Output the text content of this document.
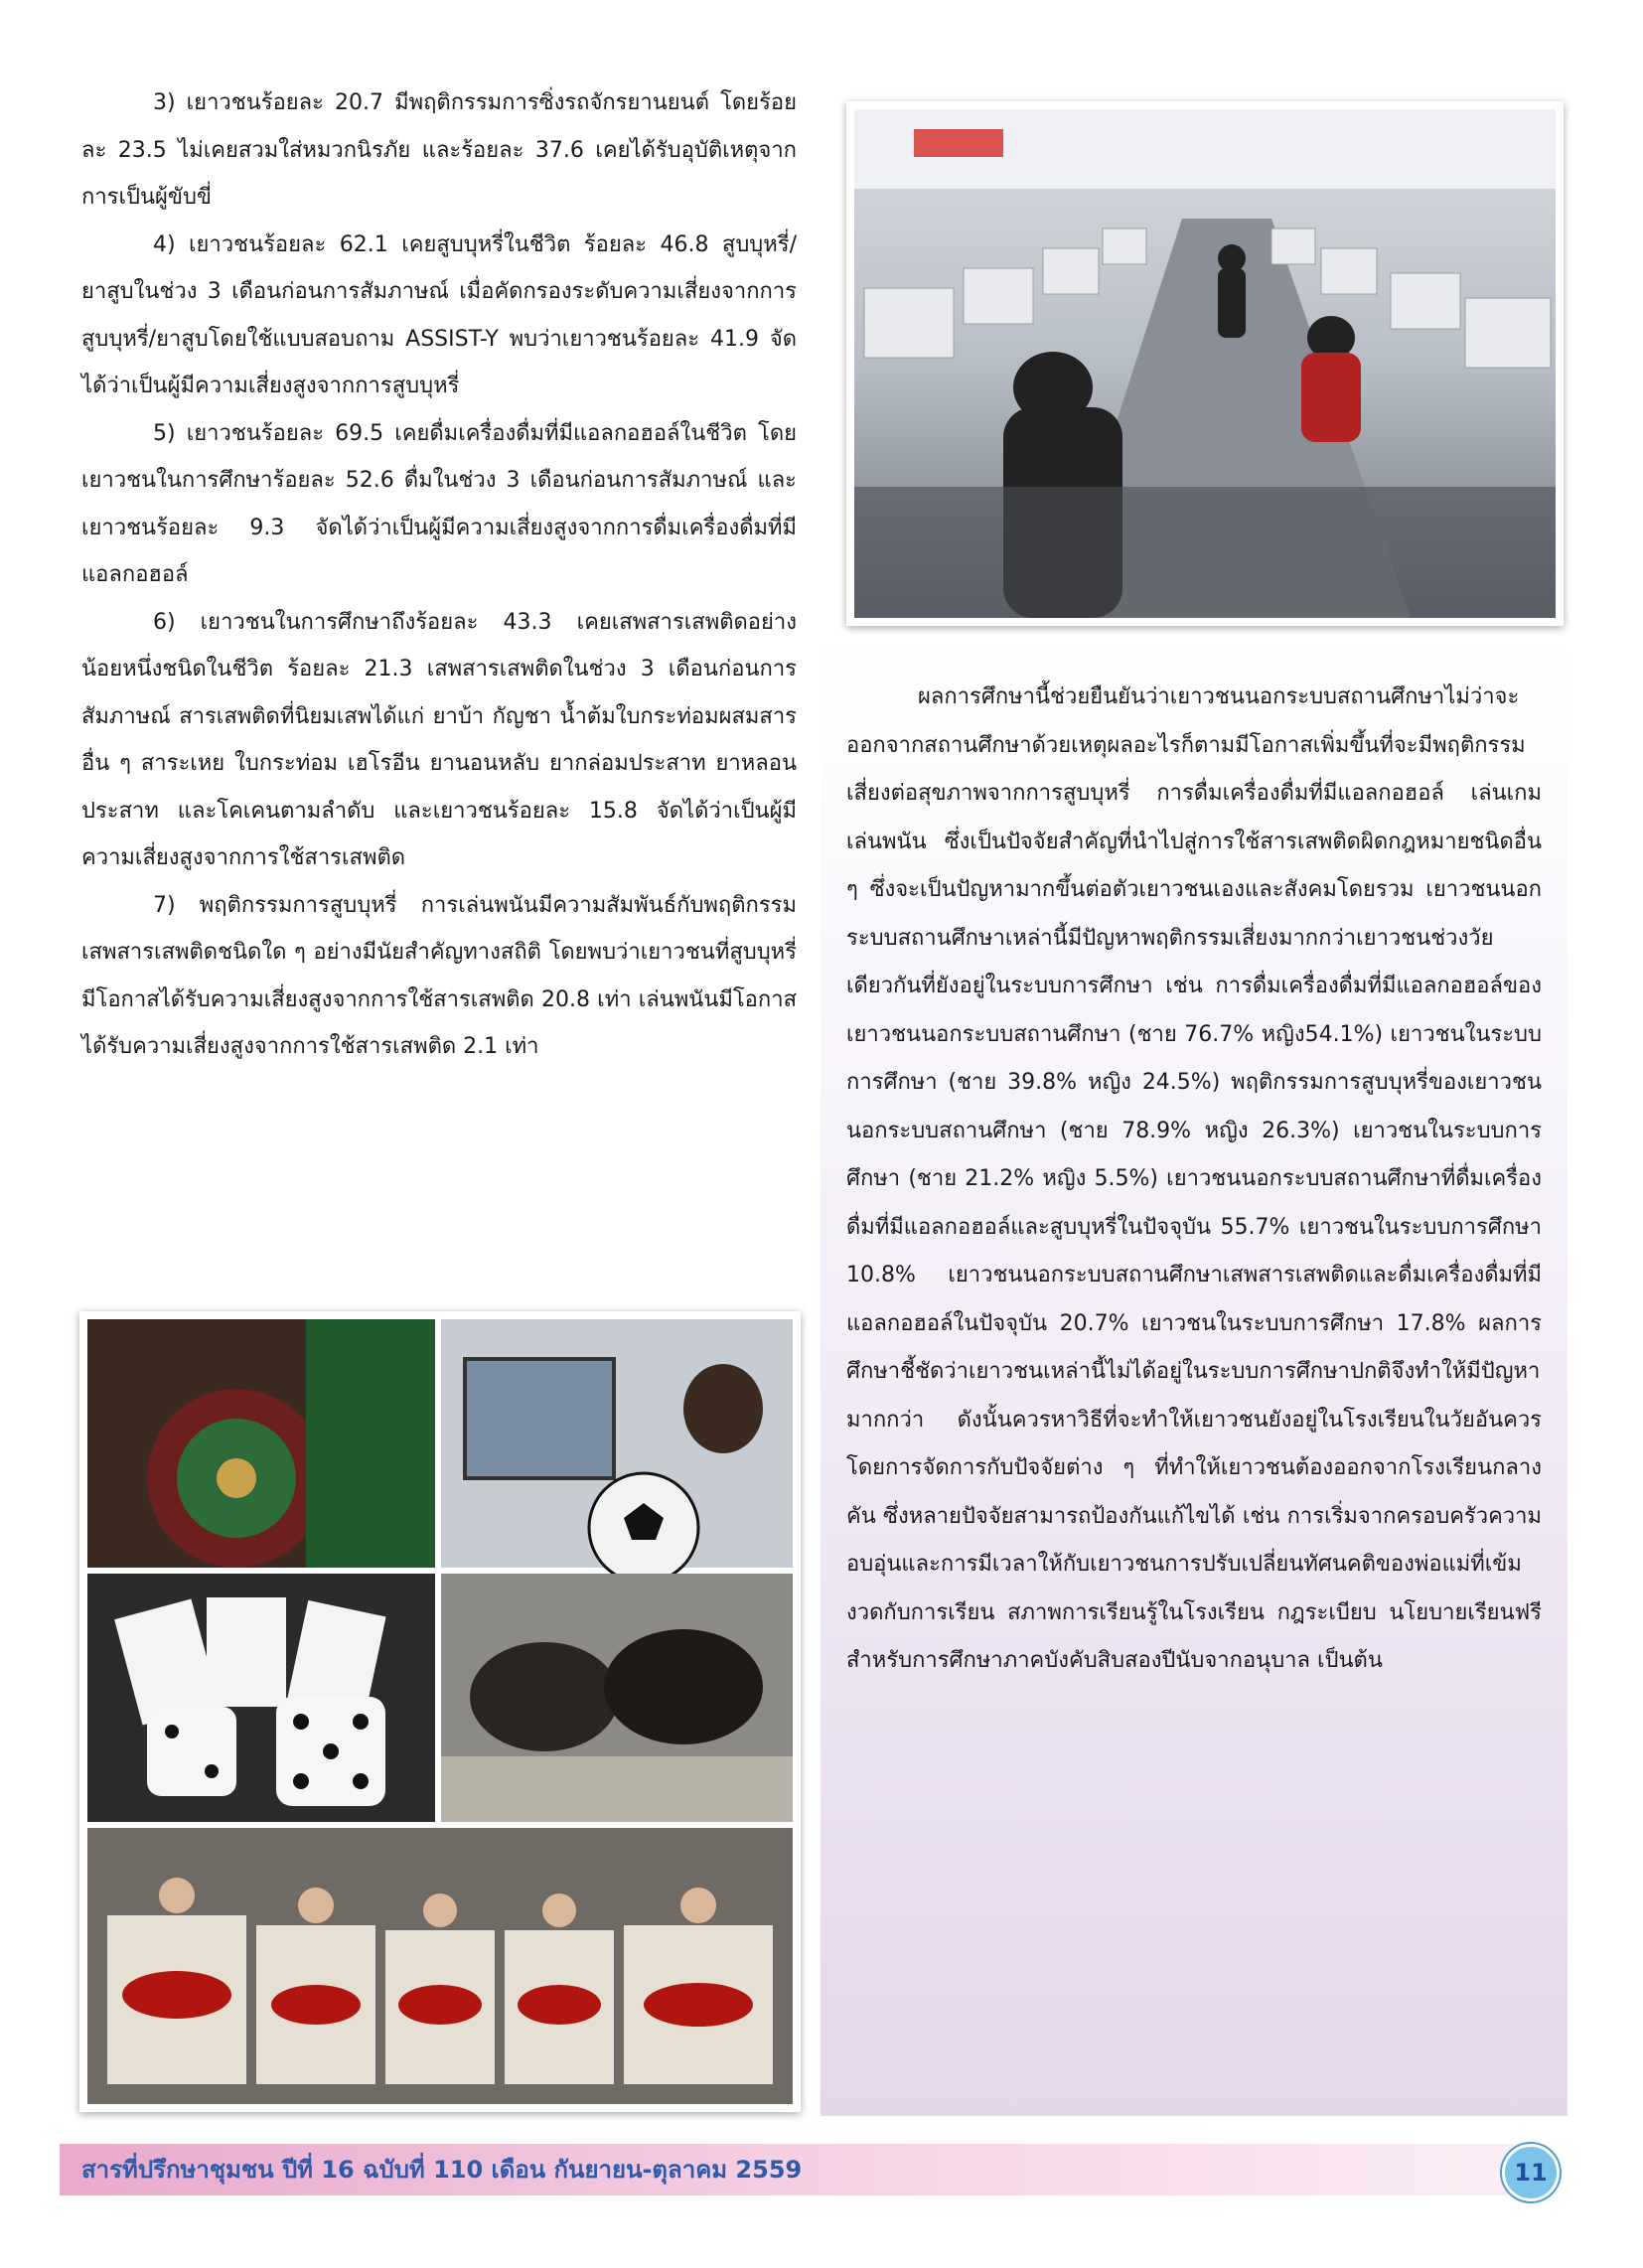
3) เยาวชนร้อยละ 20.7 มีพฤติกรรมการซิ่งรถจักรยานยนต์ โดยร้อยละ 23.5 ไม่เคยสวมใส่หมวกนิรภัย และร้อยละ 37.6 เคยได้รับอุบัติเหตุจากการเป็นผู้ขับขี่

4) เยาวชนร้อยละ 62.1 เคยสูบบุหรี่ในชีวิต ร้อยละ 46.8 สูบบุหรี่/ยาสูบในช่วง 3 เดือนก่อนการสัมภาษณ์ เมื่อคัดกรองระดับความเสี่ยงจากการสูบบุหรี่/ยาสูบโดยใช้แบบสอบถาม ASSIST-Y พบว่าเยาวชนร้อยละ 41.9 จัดได้ว่าเป็นผู้มีความเสี่ยงสูงจากการสูบบุหรี่

5) เยาวชนร้อยละ 69.5 เคยดื่มเครื่องดื่มที่มีแอลกอฮอล์ในชีวิต โดยเยาวชนในการศึกษาร้อยละ 52.6 ดื่มในช่วง 3 เดือนก่อนการสัมภาษณ์ และเยาวชนร้อยละ 9.3 จัดได้ว่าเป็นผู้มีความเสี่ยงสูงจากการดื่มเครื่องดื่มที่มีแอลกอฮอล์

6) เยาวชนในการศึกษาถึงร้อยละ 43.3 เคยเสพสารเสพติดอย่างน้อยหนึ่งชนิดในชีวิต ร้อยละ 21.3 เสพสารเสพติดในช่วง 3 เดือนก่อนการสัมภาษณ์ สารเสพติดที่นิยมเสพได้แก่ ยาบ้า กัญชา น้ำต้มใบกระท่อมผสมสารอื่น ๆ สาระเหย ใบกระท่อม เฮโรอีน ยานอนหลับ ยากล่อมประสาท ยาหลอนประสาท และโคเคนตามลำดับ และเยาวชนร้อยละ 15.8 จัดได้ว่าเป็นผู้มีความเสี่ยงสูงจากการใช้สารเสพติด

7) พฤติกรรมการสูบบุหรี่ การเล่นพนันมีความสัมพันธ์กับพฤติกรรมเสพสารเสพติดชนิดใด ๆ อย่างมีนัยสำคัญทางสถิติ โดยพบว่าเยาวชนที่สูบบุหรี่มีโอกาสได้รับความเสี่ยงสูงจากการใช้สารเสพติด 20.8 เท่า เล่นพนันมีโอกาสได้รับความเสี่ยงสูงจากการใช้สารเสพติด 2.1 เท่า

ผลการศึกษานี้ช่วยยืนยันว่าเยาวชนนอกระบบสถานศึกษาไม่ว่าจะออกจากสถานศึกษาด้วยเหตุผลอะไรก็ตามมีโอกาสเพิ่มขึ้นที่จะมีพฤติกรรมเสี่ยงต่อสุขภาพจากการสูบบุหรี่ การดื่มเครื่องดื่มที่มีแอลกอฮอล์ เล่นเกม เล่นพนัน ซึ่งเป็นปัจจัยสำคัญที่นำไปสู่การใช้สารเสพติดผิดกฎหมายชนิดอื่น ๆ ซึ่งจะเป็นปัญหามากขึ้นต่อตัวเยาวชนเองและสังคมโดยรวม เยาวชนนอกระบบสถานศึกษาเหล่านี้มีปัญหาพฤติกรรมเสี่ยงมากกว่าเยาวชนช่วงวัยเดียวกันที่ยังอยู่ในระบบการศึกษา เช่น การดื่มเครื่องดื่มที่มีแอลกอฮอล์ของเยาวชนนอกระบบสถานศึกษา (ชาย 76.7% หญิง54.1%) เยาวชนในระบบการศึกษา (ชาย 39.8% หญิง 24.5%) พฤติกรรมการสูบบุหรี่ของเยาวชนนอกระบบสถานศึกษา (ชาย 78.9% หญิง 26.3%) เยาวชนในระบบการศึกษา (ชาย 21.2% หญิง 5.5%) เยาวชนนอกระบบสถานศึกษาที่ดื่มเครื่องดื่มที่มีแอลกอฮอล์และสูบบุหรี่ในปัจจุบัน 55.7% เยาวชนในระบบการศึกษา 10.8% เยาวชนนอกระบบสถานศึกษาเสพสารเสพติดและดื่มเครื่องดื่มที่มีแอลกอฮอล์ในปัจจุบัน 20.7% เยาวชนในระบบการศึกษา 17.8% ผลการศึกษาชี้ชัดว่าเยาวชนเหล่านี้ไม่ได้อยู่ในระบบการศึกษาปกติจึงทำให้มีปัญหามากกว่า ดังนั้นควรหาวิธีที่จะทำให้เยาวชนยังอยู่ในโรงเรียนในวัยอันควร โดยการจัดการกับปัจจัยต่าง ๆ ที่ทำให้เยาวชนต้องออกจากโรงเรียนกลางคัน ซึ่งหลายปัจจัยสามารถป้องกันแก้ไขได้ เช่น การเริ่มจากครอบครัวความอบอุ่นและการมีเวลาให้กับเยาวชนการปรับเปลี่ยนทัศนคติของพ่อแม่ที่เข้มงวดกับการเรียน สภาพการเรียนรู้ในโรงเรียน กฎระเบียบ นโยบายเรียนฟรีสำหรับการศึกษาภาคบังคับสิบสองปีนับจากอนุบาล เป็นต้น

สารที่ปรึกษาชุมชน ปีที่ 16 ฉบับที่ 110 เดือน กันยายน-ตุลาคม 2559	11
